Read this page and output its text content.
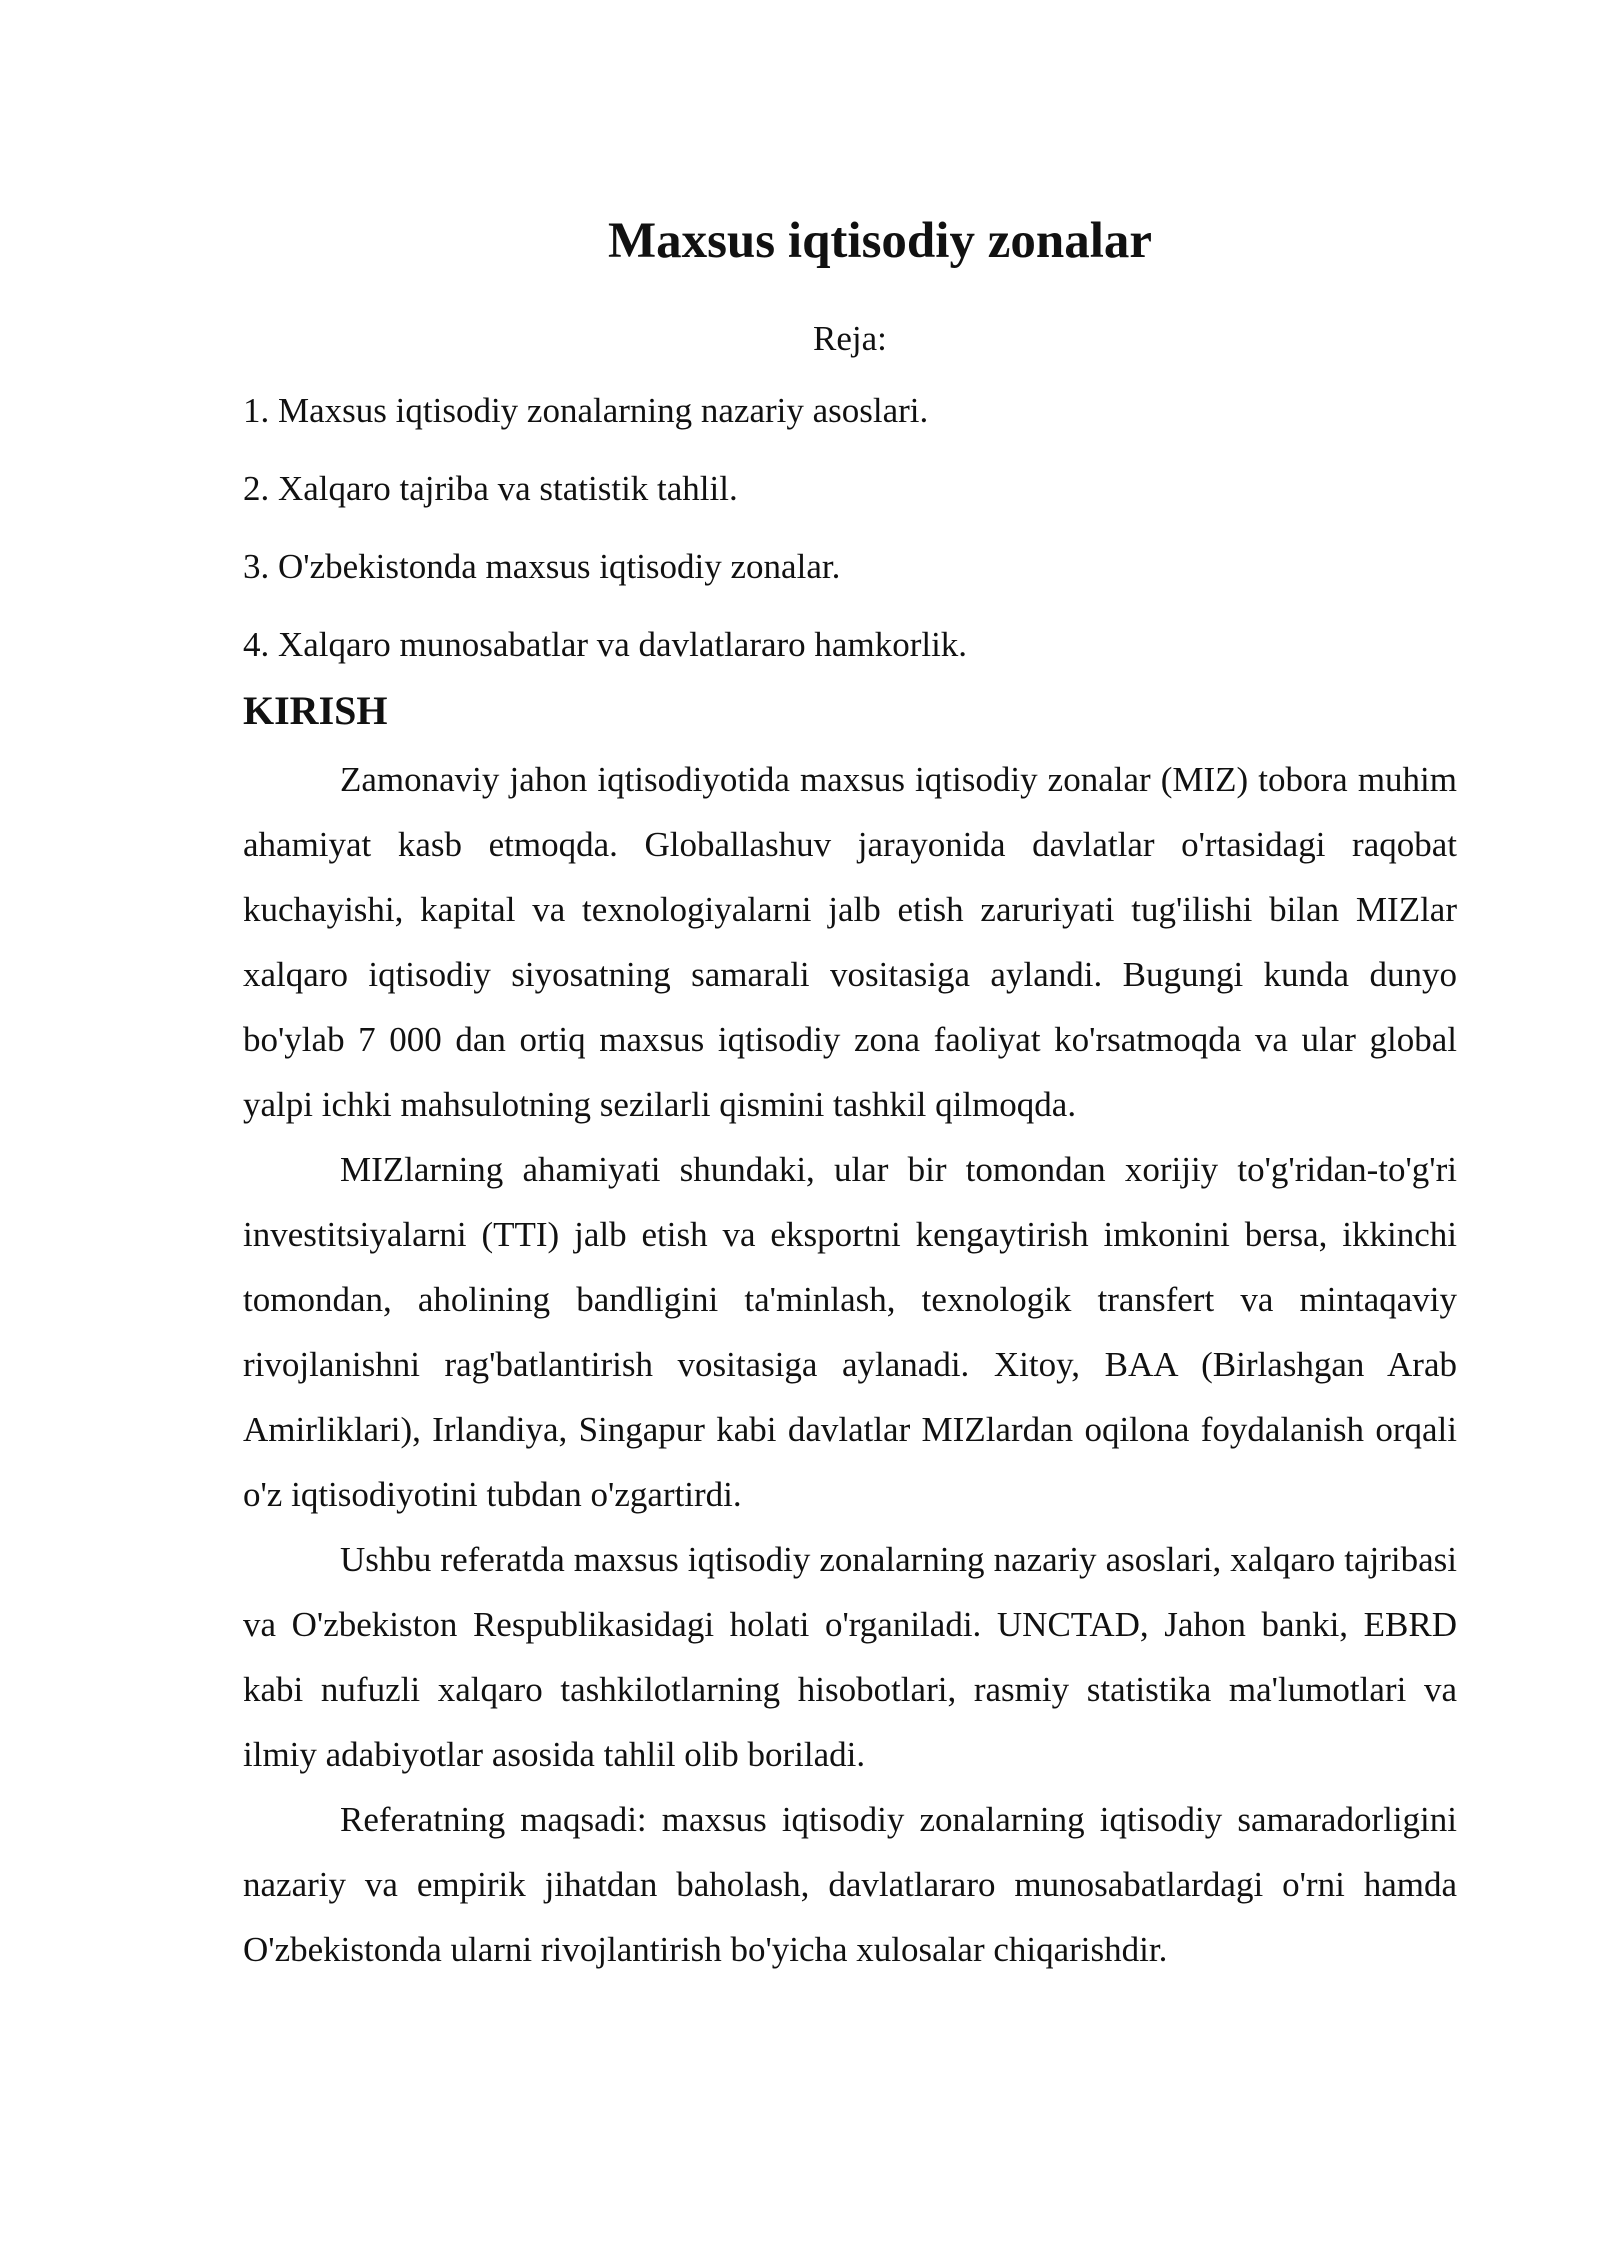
Maxsus iqtisodiy zonalar

Reja:

1. Maxsus iqtisodiy zonalarning nazariy asoslari.
2. Xalqaro tajriba va statistik tahlil.
3. O'zbekistonda maxsus iqtisodiy zonalar.
4. Xalqaro munosabatlar va davlatlararo hamkorlik.
KIRISH

Zamonaviy jahon iqtisodiyotida maxsus iqtisodiy zonalar (MIZ) tobora muhim ahamiyat kasb etmoqda. Globallashuv jarayonida davlatlar o'rtasidagi raqobat kuchayishi, kapital va texnologiyalarni jalb etish zaruriyati tug'ilishi bilan MIZlar xalqaro iqtisodiy siyosatning samarali vositasiga aylandi. Bugungi kunda dunyo bo'ylab 7 000 dan ortiq maxsus iqtisodiy zona faoliyat ko'rsatmoqda va ular global yalpi ichki mahsulotning sezilarli qismini tashkil qilmoqda.

MIZlarning ahamiyati shundaki, ular bir tomondan xorijiy to'g'ridan-to'g'ri investitsiyalarni (TTI) jalb etish va eksportni kengaytirish imkonini bersa, ikkinchi tomondan, aholining bandligini ta'minlash, texnologik transfert va mintaqaviy rivojlanishni rag'batlantirish vositasiga aylanadi. Xitoy, BAA (Birlashgan Arab Amirliklari), Irlandiya, Singapur kabi davlatlar MIZlardan oqilona foydalanish orqali o'z iqtisodiyotini tubdan o'zgartirdi.

Ushbu referatda maxsus iqtisodiy zonalarning nazariy asoslari, xalqaro tajribasi va O'zbekiston Respublikasidagi holati o'rganiladi. UNCTAD, Jahon banki, EBRD kabi nufuzli xalqaro tashkilotlarning hisobotlari, rasmiy statistika ma'lumotlari va ilmiy adabiyotlar asosida tahlil olib boriladi.

Referatning maqsadi: maxsus iqtisodiy zonalarning iqtisodiy samaradorligini nazariy va empirik jihatdan baholash, davlatlararo munosabatlardagi o'rni hamda O'zbekistonda ularni rivojlantirish bo'yicha xulosalar chiqarishdir.
